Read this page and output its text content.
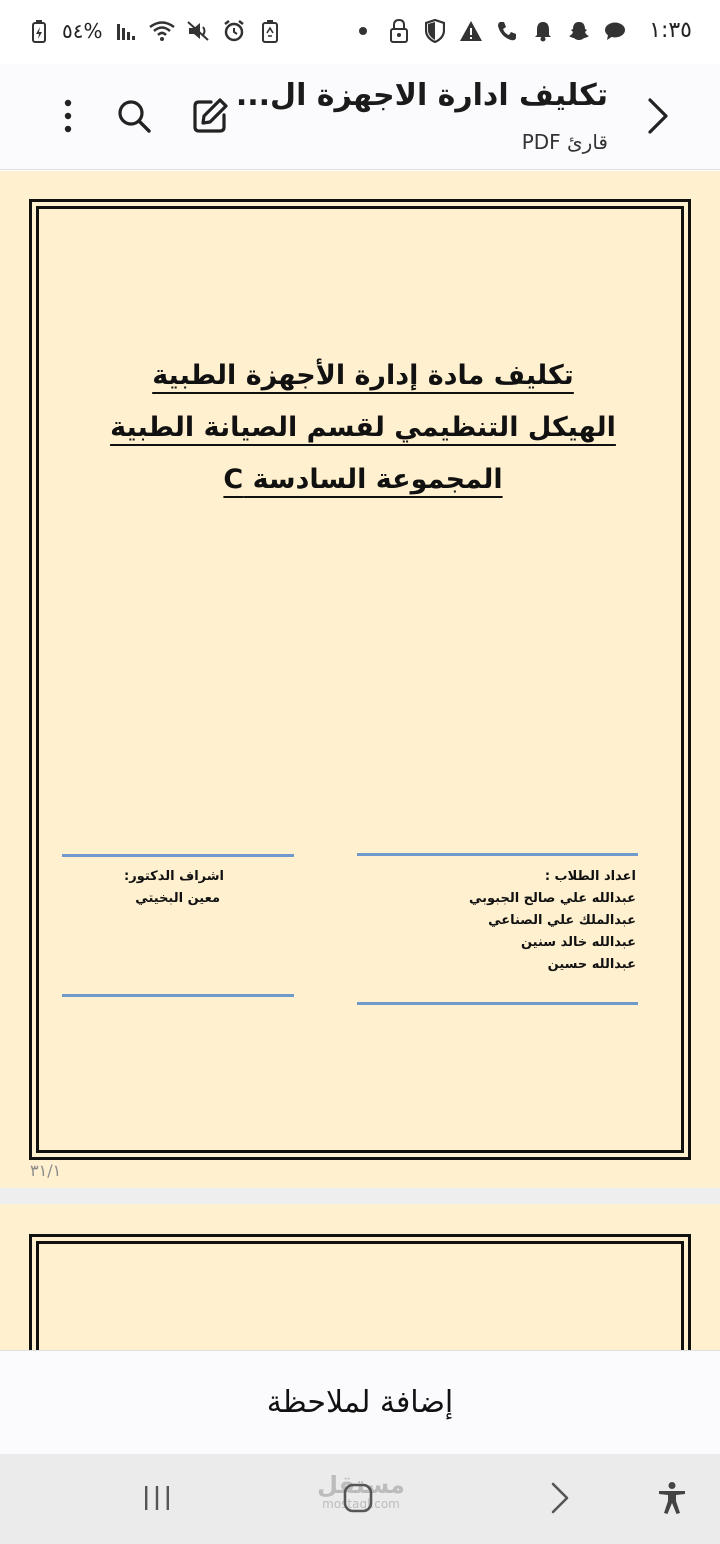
%٥٤	١:٣٥
تكليف ادارة الاجهزة ال...
قارئ PDF
تكليف مادة إدارة الأجهزة الطبية
الهيكل التنظيمي لقسم الصيانة الطبية
المجموعة السادسة C
اشراف الدكتور:
معين البخيتي
اعداد الطلاب :
عبدالله علي صالح الجبوبي
عبدالملك علي الصناعي
عبدالله خالد سنين
عبدالله حسين
٣١/١
إضافة لملاحظة
مستقل
mostaql.com
